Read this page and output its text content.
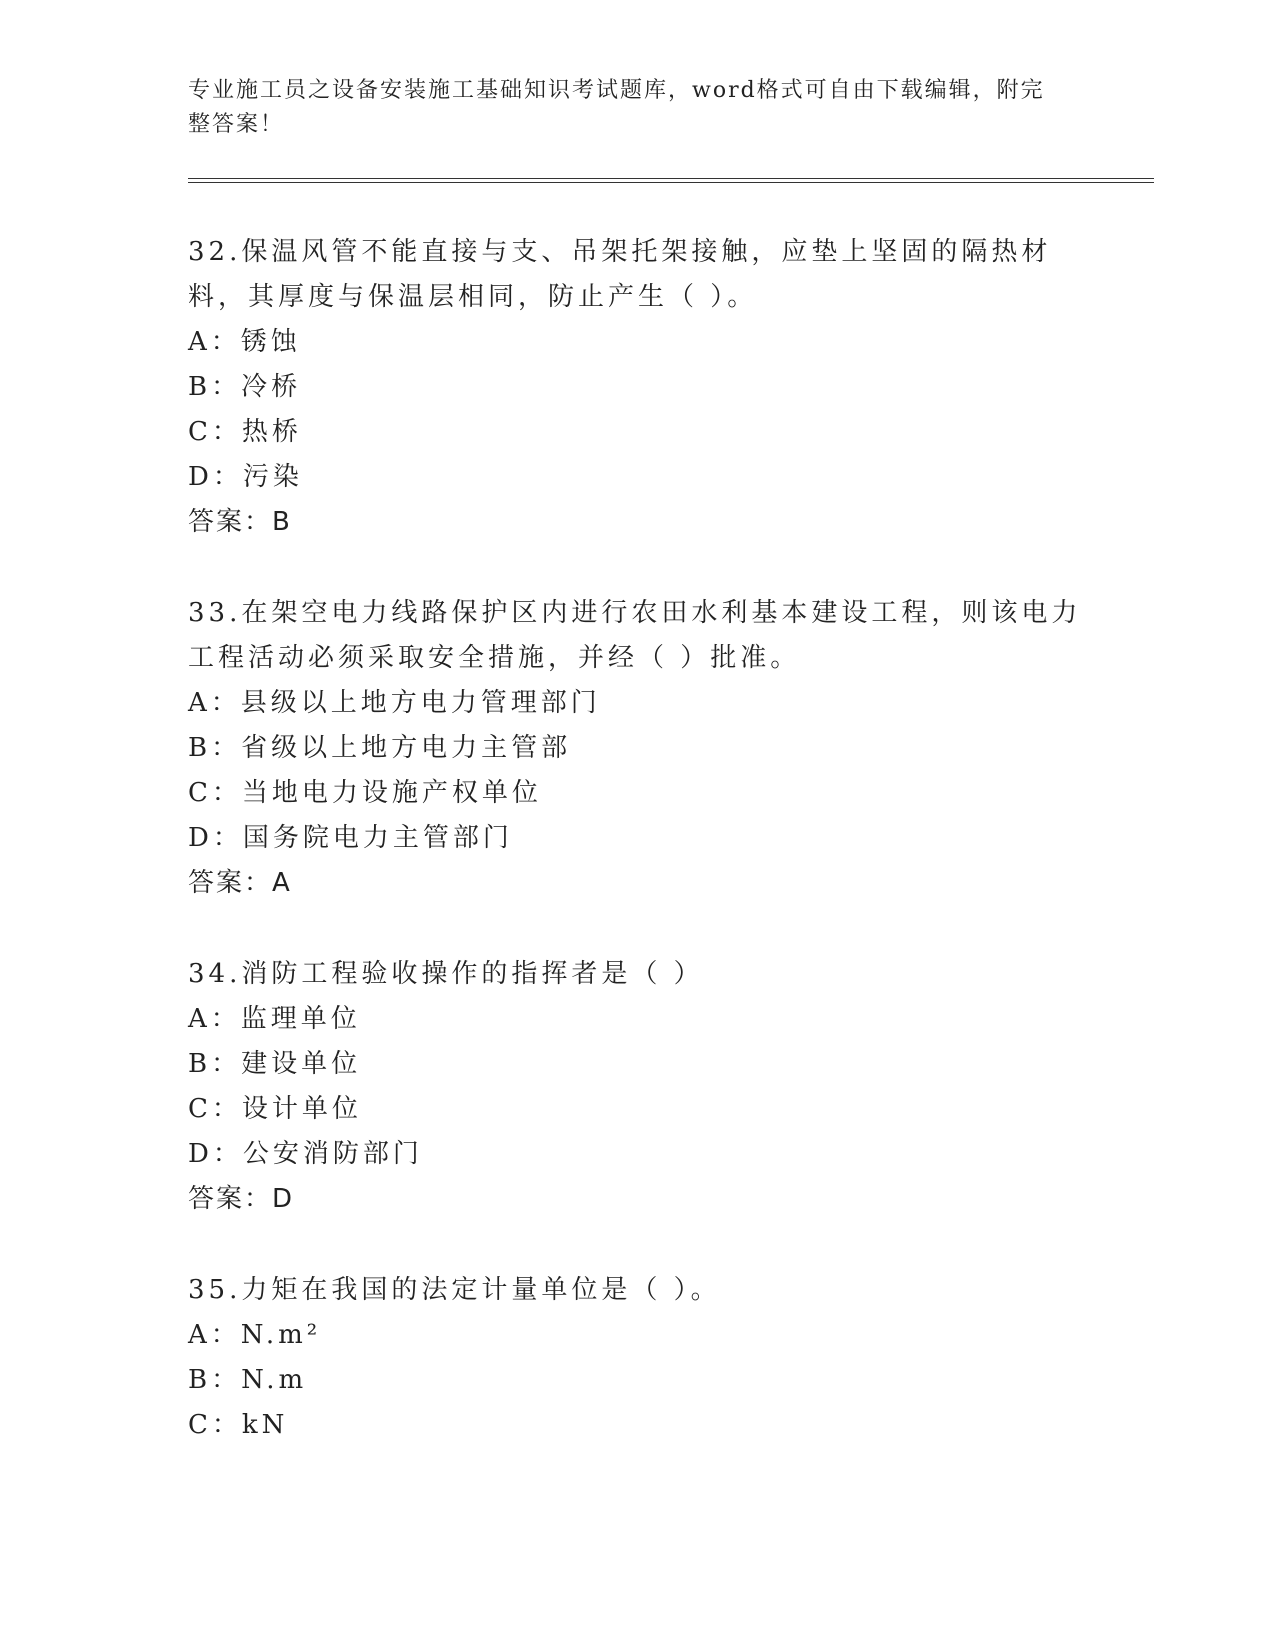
专业施工员之设备安装施工基础知识考试题库，word格式可自由下载编辑，附完整答案！

32.保温风管不能直接与支、吊架托架接触，应垫上坚固的隔热材料，其厚度与保温层相同，防止产生（ ）。

A：锈蚀

B：冷桥

C：热桥

D：污染

答案：B

33.在架空电力线路保护区内进行农田水利基本建设工程，则该电力工程活动必须采取安全措施，并经（ ）批准。

A：县级以上地方电力管理部门

B：省级以上地方电力主管部

C：当地电力设施产权单位

D：国务院电力主管部门

答案：A

34.消防工程验收操作的指挥者是（ ）

A：监理单位

B：建设单位

C：设计单位

D：公安消防部门

答案：D

35.力矩在我国的法定计量单位是（ ）。

A：N.m²

B：N.m

C：kN
